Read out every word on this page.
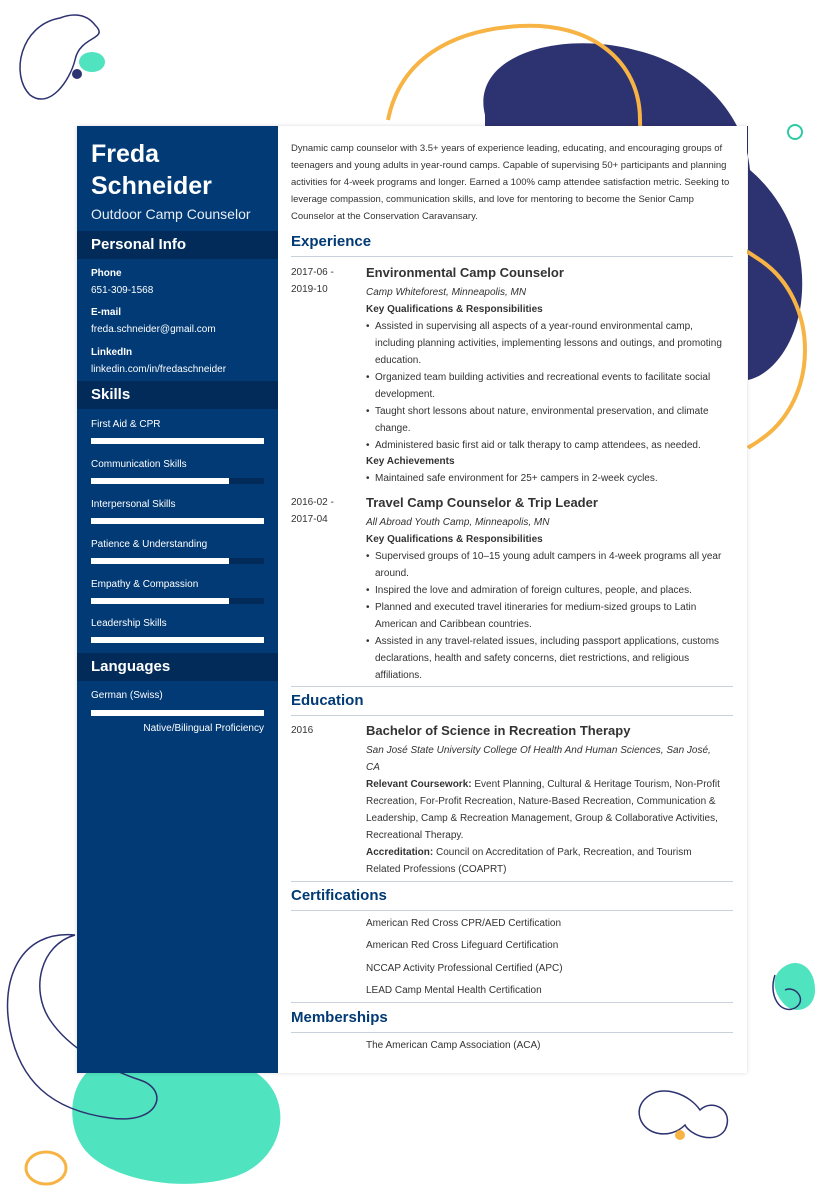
Freda Schneider
Outdoor Camp Counselor
Personal Info
Phone
651-309-1568
E-mail
freda.schneider@gmail.com
LinkedIn
linkedin.com/in/fredaschneider
Skills
First Aid & CPR
Communication Skills
Interpersonal Skills
Patience & Understanding
Empathy & Compassion
Leadership Skills
Languages
German (Swiss)
Native/Bilingual Proficiency

Dynamic camp counselor with 3.5+ years of experience leading, educating, and encouraging groups of teenagers and young adults in year-round camps. Capable of supervising 50+ participants and planning activities for 4-week programs and longer. Earned a 100% camp attendee satisfaction metric. Seeking to leverage compassion, communication skills, and love for mentoring to become the Senior Camp Counselor at the Conservation Caravansary.

Experience
2017-06 -
2019-10
Environmental Camp Counselor
Camp Whiteforest, Minneapolis, MN
Key Qualifications & Responsibilities
• Assisted in supervising all aspects of a year-round environmental camp, including planning activities, implementing lessons and outings, and promoting education.
• Organized team building activities and recreational events to facilitate social development.
• Taught short lessons about nature, environmental preservation, and climate change.
• Administered basic first aid or talk therapy to camp attendees, as needed.
Key Achievements
• Maintained safe environment for 25+ campers in 2-week cycles.
2016-02 -
2017-04
Travel Camp Counselor & Trip Leader
All Abroad Youth Camp, Minneapolis, MN
Key Qualifications & Responsibilities
• Supervised groups of 10–15 young adult campers in 4-week programs all year around.
• Inspired the love and admiration of foreign cultures, people, and places.
• Planned and executed travel itineraries for medium-sized groups to Latin American and Caribbean countries.
• Assisted in any travel-related issues, including passport applications, customs declarations, health and safety concerns, diet restrictions, and religious affiliations.
Education
2016	Bachelor of Science in Recreation Therapy
San José State University College Of Health And Human Sciences, San José, CA

Relevant Coursework: Event Planning, Cultural & Heritage Tourism, Non-Profit Recreation, For-Profit Recreation, Nature-Based Recreation, Communication & Leadership, Camp & Recreation Management, Group & Collaborative Activities, Recreational Therapy.

Accreditation: Council on Accreditation of Park, Recreation, and Tourism Related Professions (COAPRT)

Certifications
American Red Cross CPR/AED Certification
American Red Cross Lifeguard Certification
NCCAP Activity Professional Certified (APC)
LEAD Camp Mental Health Certification
Memberships
The American Camp Association (ACA)
